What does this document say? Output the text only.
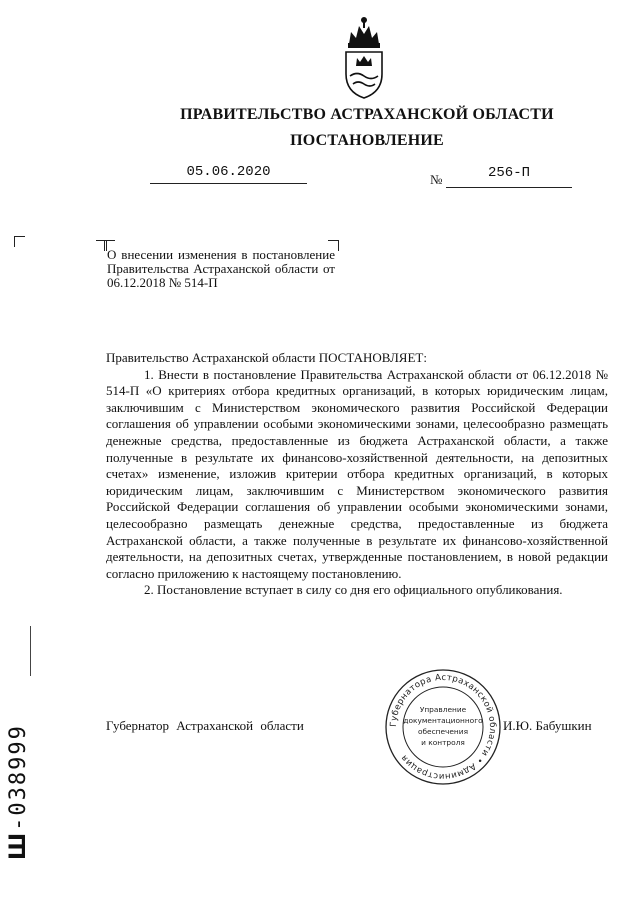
ПРАВИТЕЛЬСТВО АСТРАХАНСКОЙ ОБЛАСТИ
ПОСТАНОВЛЕНИЕ
05.06.2020	№	256-П
О внесении изменения в постановление Правительства Астраханской области от 06.12.2018 № 514-П

Правительство Астраханской области ПОСТАНОВЛЯЕТ:

1. Внести в постановление Правительства Астраханской области от 06.12.2018 № 514-П «О критериях отбора кредитных организаций, в которых юридическим лицам, заключившим с Министерством экономического развития Российской Федерации соглашения об управлении особыми экономическими зонами, целесообразно размещать денежные средства, предоставленные из бюджета Астраханской области, а также полученные в результате их финансово-хозяйственной деятельности, на депозитных счетах» изменение, изложив критерии отбора кредитных организаций, в которых юридическим лицам, заключившим с Министерством экономического развития Российской Федерации соглашения об управлении особыми экономическими зонами, целесообразно размещать денежные средства, предоставленные из бюджета Астраханской области, а также полученные в результате их финансово-хозяйственной деятельности, на депозитных счетах, утвержденные постановлением, в новой редакции согласно приложению к настоящему постановлению.

2. Постановление вступает в силу со дня его официального опубликования.

Губернатор Астраханской области	И.Ю. Бабушкин
Губернатора Астраханской области • Администрация
Управление
документационного
обеспечения
и контроля
Ш-038999
